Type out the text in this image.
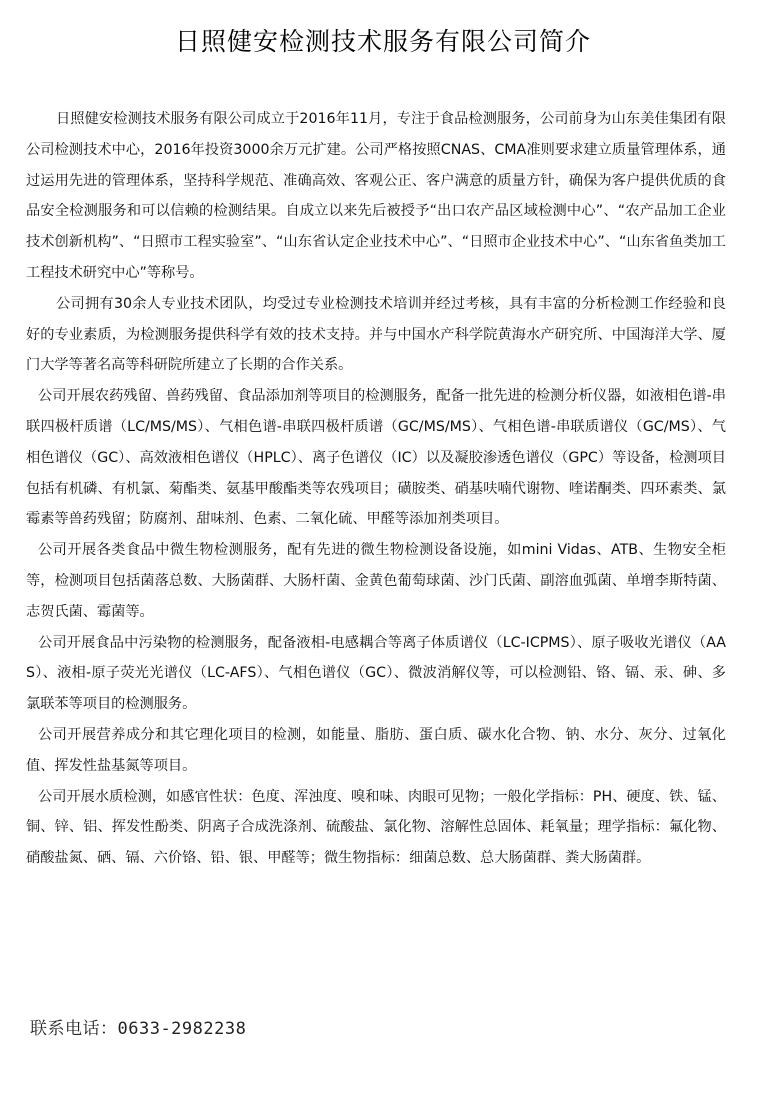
日照健安检测技术服务有限公司简介

日照健安检测技术服务有限公司成立于2016年11月，专注于食品检测服务，公司前身为山东美佳集团有限公司检测技术中心，2016年投资3000余万元扩建。公司严格按照CNAS、CMA准则要求建立质量管理体系，通过运用先进的管理体系，坚持科学规范、准确高效、客观公正、客户满意的质量方针，确保为客户提供优质的食品安全检测服务和可以信赖的检测结果。自成立以来先后被授予“出口农产品区域检测中心”、“农产品加工企业技术创新机构”、“日照市工程实验室”、“山东省认定企业技术中心”、“日照市企业技术中心”、“山东省鱼类加工工程技术研究中心”等称号。

公司拥有30余人专业技术团队，均受过专业检测技术培训并经过考核，具有丰富的分析检测工作经验和良好的专业素质，为检测服务提供科学有效的技术支持。并与中国水产科学院黄海水产研究所、中国海洋大学、厦门大学等著名高等科研院所建立了长期的合作关系。

公司开展农药残留、兽药残留、食品添加剂等项目的检测服务，配备一批先进的检测分析仪器，如液相色谱-串联四极杆质谱（LC/MS/MS）、气相色谱-串联四极杆质谱（GC/MS/MS）、气相色谱-串联质谱仪（GC/MS）、气相色谱仪（GC）、高效液相色谱仪（HPLC）、离子色谱仪（IC）以及凝胶渗透色谱仪（GPC）等设备，检测项目包括有机磷、有机氯、菊酯类、氨基甲酸酯类等农残项目；磺胺类、硝基呋喃代谢物、喹诺酮类、四环素类、氯霉素等兽药残留；防腐剂、甜味剂、色素、二氧化硫、甲醛等添加剂类项目。

公司开展各类食品中微生物检测服务，配有先进的微生物检测设备设施，如mini Vidas、ATB、生物安全柜等，检测项目包括菌落总数、大肠菌群、大肠杆菌、金黄色葡萄球菌、沙门氏菌、副溶血弧菌、单增李斯特菌、志贺氏菌、霉菌等。

公司开展食品中污染物的检测服务，配备液相-电感耦合等离子体质谱仪（LC-ICPMS）、原子吸收光谱仪（AAS）、液相-原子荧光光谱仪（LC-AFS）、气相色谱仪（GC）、微波消解仪等，可以检测铅、铬、镉、汞、砷、多氯联苯等项目的检测服务。

公司开展营养成分和其它理化项目的检测，如能量、脂肪、蛋白质、碳水化合物、钠、水分、灰分、过氧化值、挥发性盐基氮等项目。

公司开展水质检测，如感官性状：色度、浑浊度、嗅和味、肉眼可见物；一般化学指标：PH、硬度、铁、锰、铜、锌、铝、挥发性酚类、阴离子合成洗涤剂、硫酸盐、氯化物、溶解性总固体、耗氧量；理学指标：氟化物、硝酸盐氮、硒、镉、六价铬、铅、银、甲醛等；微生物指标：细菌总数、总大肠菌群、粪大肠菌群。

联系电话：0633-2982238
